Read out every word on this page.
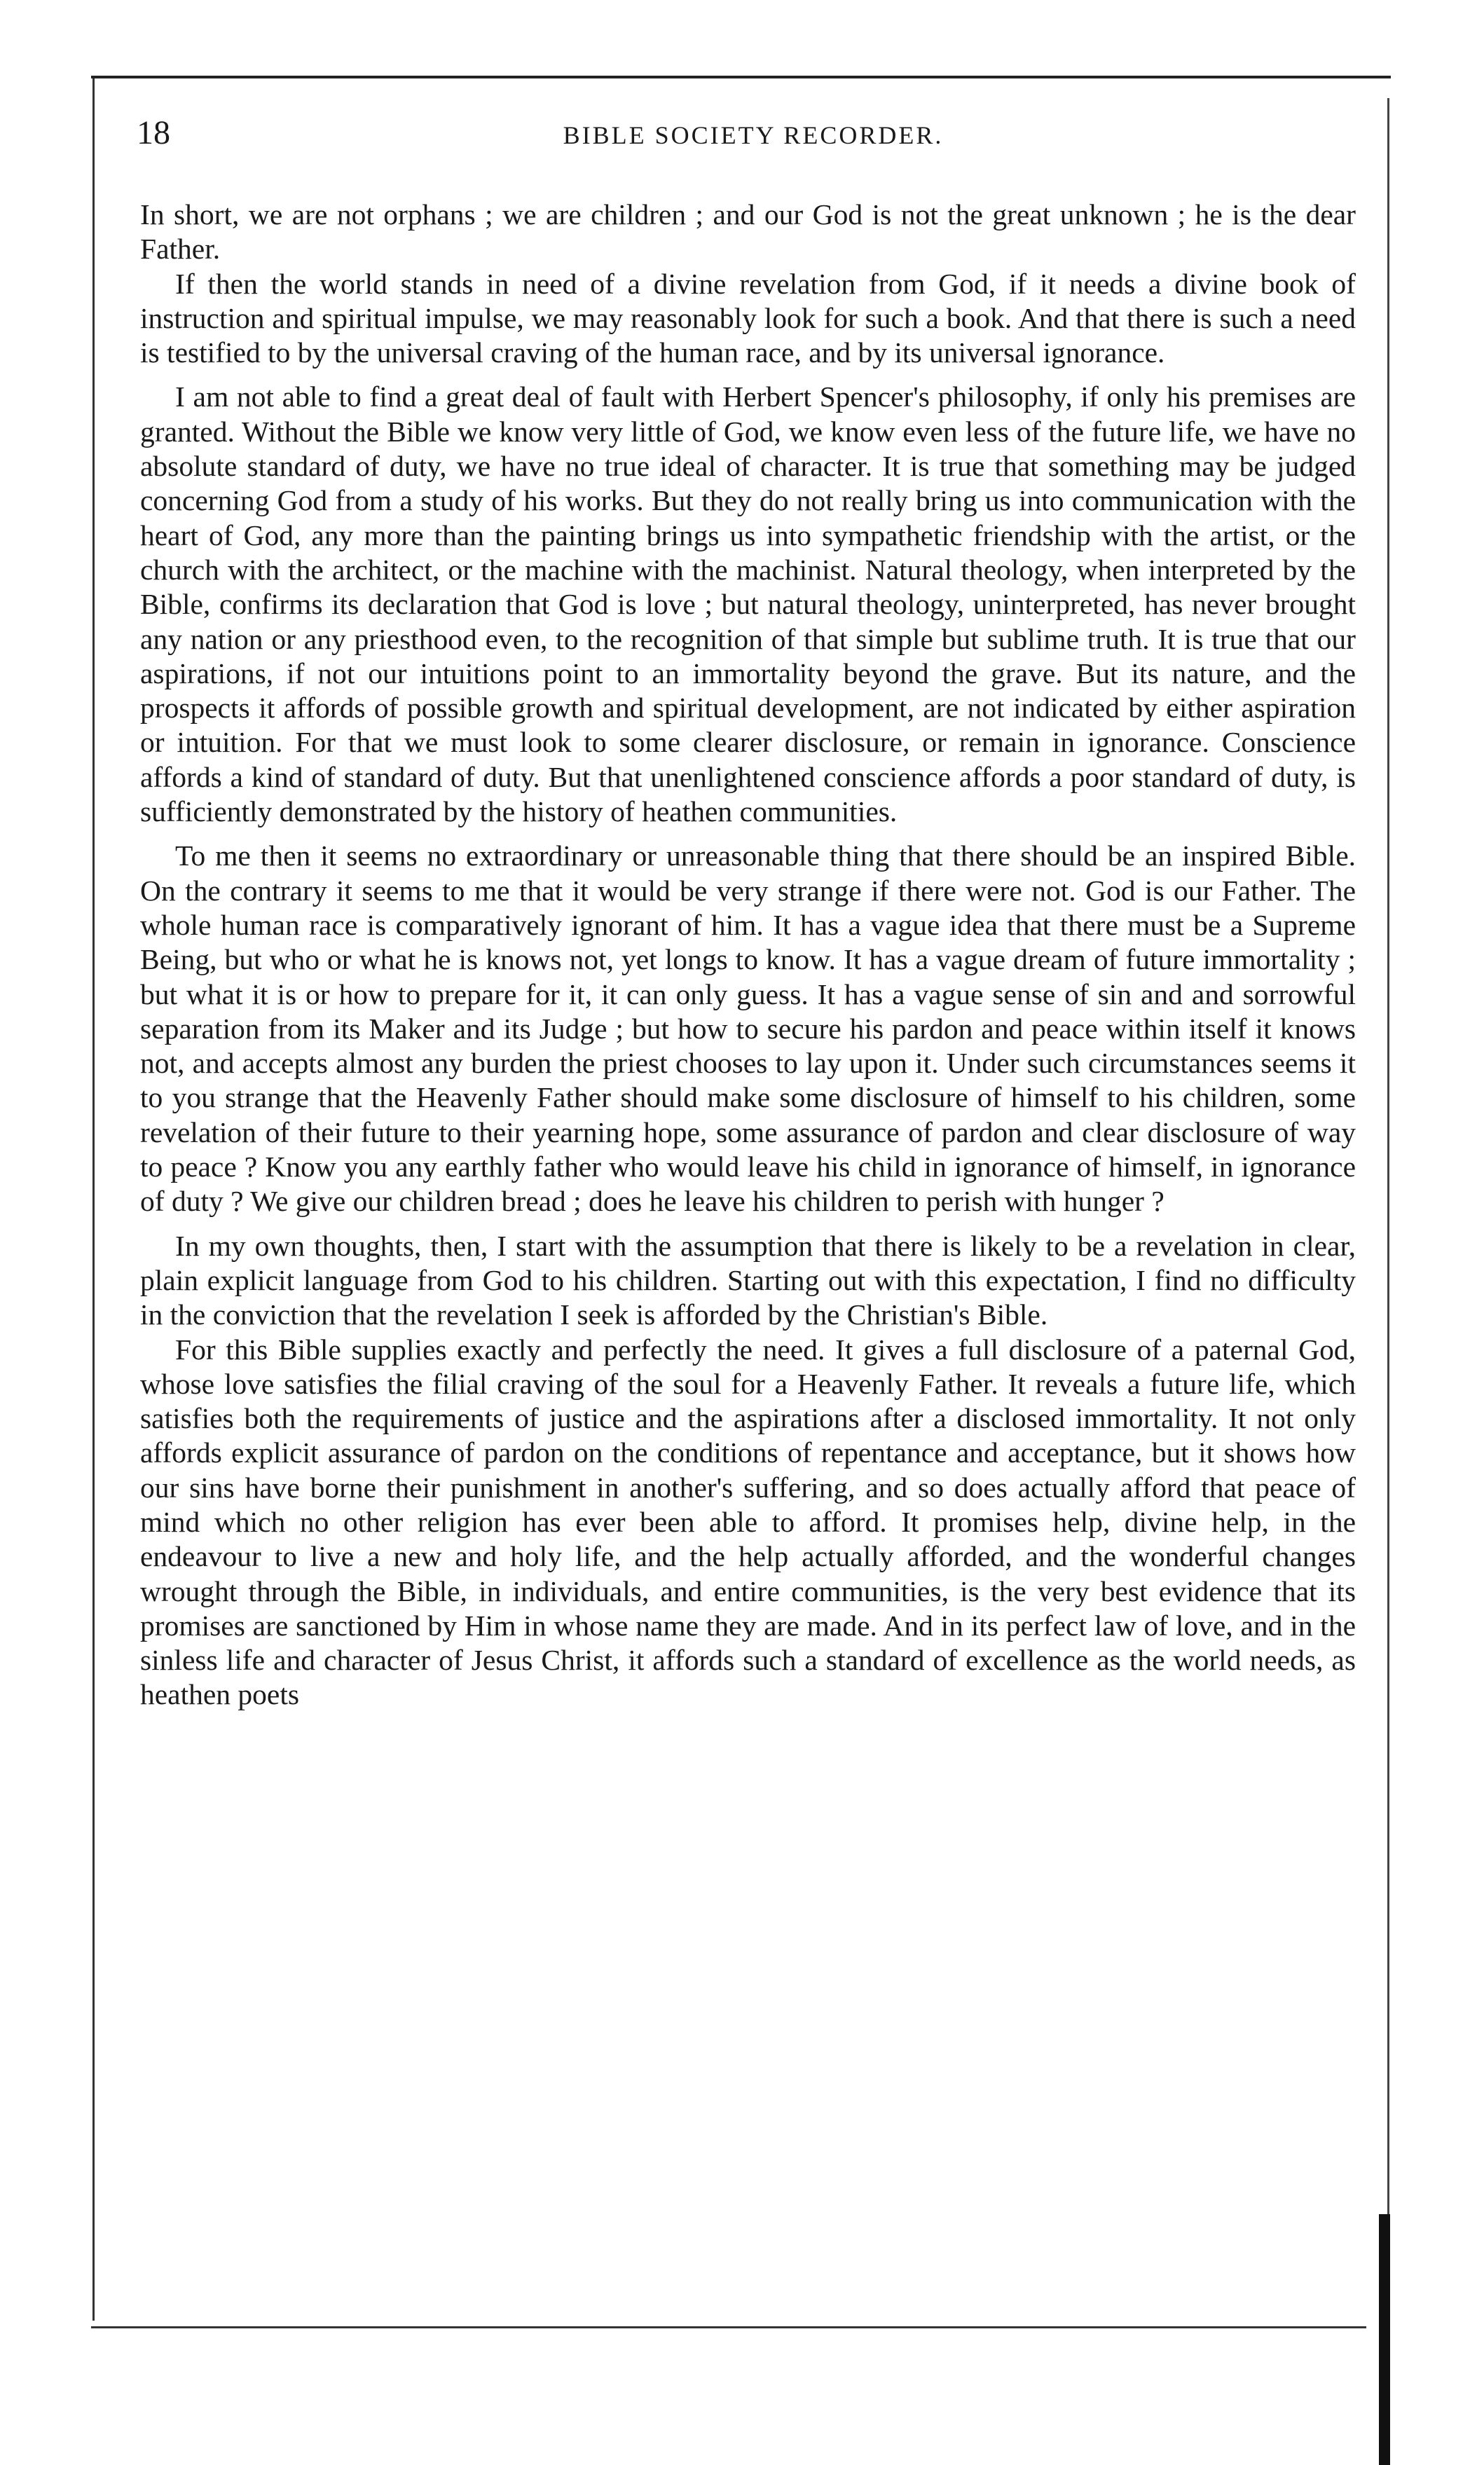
18	BIBLE SOCIETY RECORDER.

In short, we are not orphans ; we are children ; and our God is not the great unknown ; he is the dear Father.

If then the world stands in need of a divine revelation from God, if it needs a divine book of instruction and spiritual impulse, we may reasonably look for such a book. And that there is such a need is testified to by the universal craving of the human race, and by its universal ignorance.

I am not able to find a great deal of fault with Herbert Spencer's philosophy, if only his premises are granted. Without the Bible we know very little of God, we know even less of the future life, we have no absolute standard of duty, we have no true ideal of character. It is true that something may be judged concerning God from a study of his works. But they do not really bring us into communication with the heart of God, any more than the painting brings us into sympathetic friendship with the artist, or the church with the architect, or the machine with the machinist. Natural theology, when interpreted by the Bible, confirms its declaration that God is love ; but natural theology, uninterpreted, has never brought any nation or any priesthood even, to the recognition of that simple but sublime truth. It is true that our aspirations, if not our intuitions point to an immortality beyond the grave. But its nature, and the prospects it affords of possible growth and spiritual development, are not indicated by either aspiration or intuition. For that we must look to some clearer disclosure, or remain in ignorance. Conscience affords a kind of standard of duty. But that unenlightened conscience affords a poor standard of duty, is sufficiently demonstrated by the history of heathen communities.

To me then it seems no extraordinary or unreasonable thing that there should be an inspired Bible. On the contrary it seems to me that it would be very strange if there were not. God is our Father. The whole human race is comparatively ignorant of him. It has a vague idea that there must be a Supreme Being, but who or what he is knows not, yet longs to know. It has a vague dream of future immortality ; but what it is or how to prepare for it, it can only guess. It has a vague sense of sin and and sorrowful separation from its Maker and its Judge ; but how to secure his pardon and peace within itself it knows not, and accepts almost any burden the priest chooses to lay upon it. Under such circumstances seems it to you strange that the Heavenly Father should make some disclosure of himself to his children, some revelation of their future to their yearning hope, some assurance of pardon and clear disclosure of way to peace ? Know you any earthly father who would leave his child in ignorance of himself, in ignorance of duty ? We give our children bread ; does he leave his children to perish with hunger ?

In my own thoughts, then, I start with the assumption that there is likely to be a revelation in clear, plain explicit language from God to his children. Starting out with this expectation, I find no difficulty in the conviction that the revelation I seek is afforded by the Christian's Bible.

For this Bible supplies exactly and perfectly the need. It gives a full disclosure of a paternal God, whose love satisfies the filial craving of the soul for a Heavenly Father. It reveals a future life, which satisfies both the requirements of justice and the aspirations after a disclosed immortality. It not only affords explicit assurance of pardon on the conditions of repentance and acceptance, but it shows how our sins have borne their punishment in another's suffering, and so does actually afford that peace of mind which no other religion has ever been able to afford. It promises help, divine help, in the endeavour to live a new and holy life, and the help actually afforded, and the wonderful changes wrought through the Bible, in individuals, and entire communities, is the very best evidence that its promises are sanctioned by Him in whose name they are made. And in its perfect law of love, and in the sinless life and character of Jesus Christ, it affords such a standard of excellence as the world needs, as heathen poets
